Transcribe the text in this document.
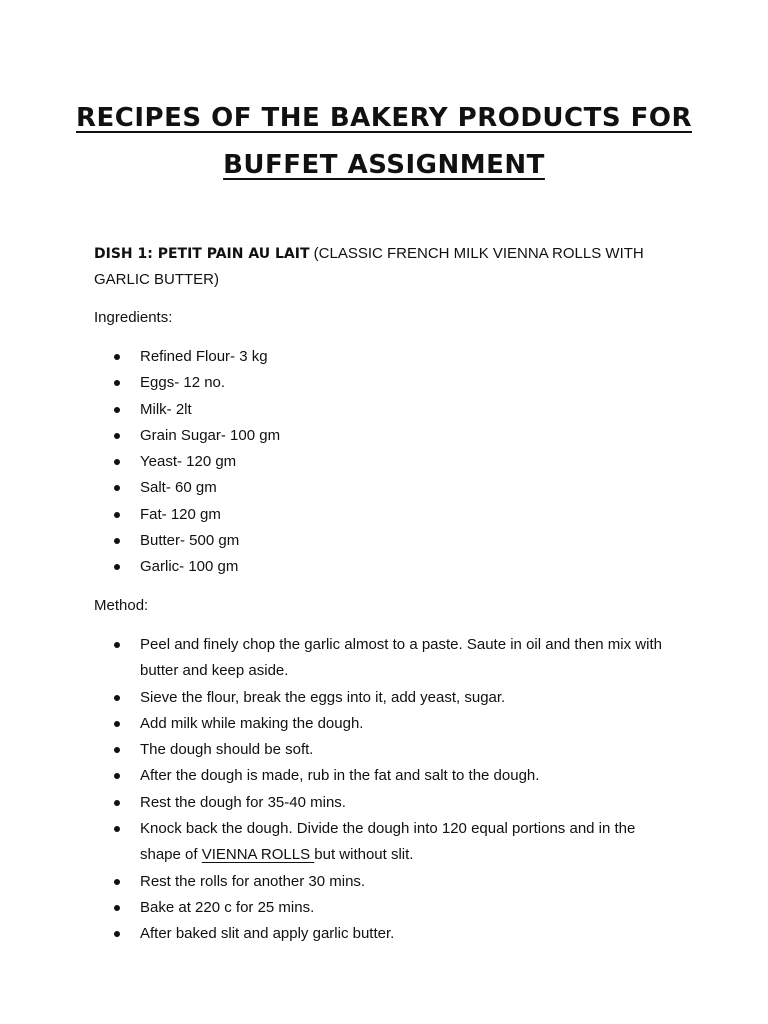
RECIPES OF THE BAKERY PRODUCTS FOR
BUFFET ASSIGNMENT
DISH 1: PETIT PAIN AU LAIT (CLASSIC FRENCH MILK VIENNA ROLLS WITH GARLIC BUTTER)
Ingredients:
Refined Flour- 3 kg
Eggs- 12 no.
Milk- 2lt
Grain Sugar- 100 gm
Yeast- 120 gm
Salt- 60 gm
Fat- 120 gm
Butter- 500 gm
Garlic- 100 gm
Method:
Peel and finely chop the garlic almost to a paste. Saute in oil and then mix with butter and keep aside.
Sieve the flour, break the eggs into it, add yeast, sugar.
Add milk while making the dough.
The dough should be soft.
After the dough is made, rub in the fat and salt to the dough.
Rest the dough for 35-40 mins.
Knock back the dough. Divide the dough into 120 equal portions and in the shape of VIENNA ROLLS but without slit.
Rest the rolls for another 30 mins.
Bake at 220 c for 25 mins.
After baked slit and apply garlic butter.
